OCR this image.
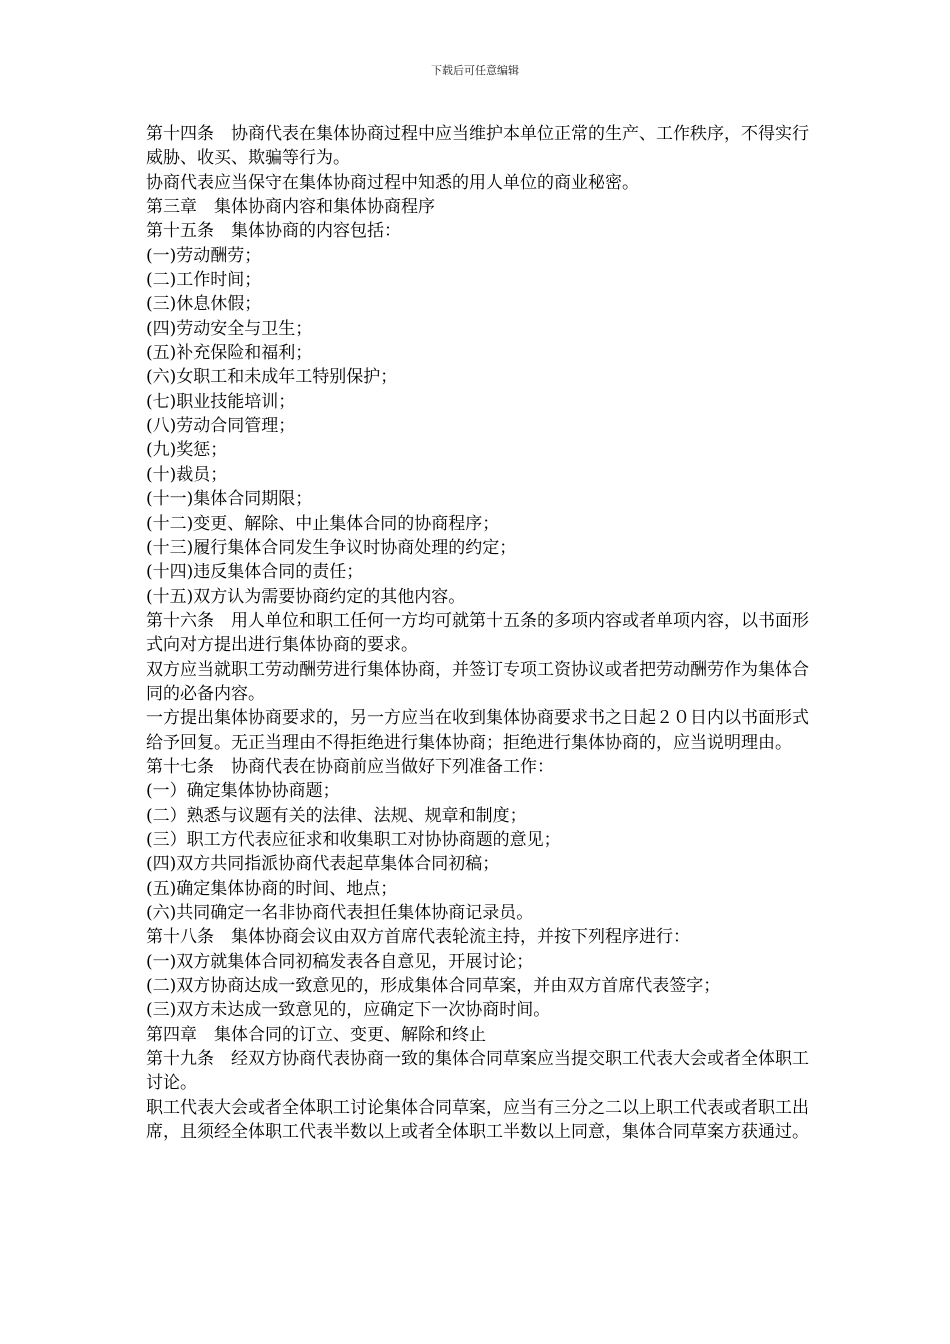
下载后可任意编辑

第十四条　协商代表在集体协商过程中应当维护本单位正常的生产、工作秩序，不得实行威胁、收买、欺骗等行为。

协商代表应当保守在集体协商过程中知悉的用人单位的商业秘密。

第三章　集体协商内容和集体协商程序

第十五条　集体协商的内容包括：

(一)劳动酬劳；

(二)工作时间；

(三)休息休假；

(四)劳动安全与卫生；

(五)补充保险和福利；

(六)女职工和未成年工特别保护；

(七)职业技能培训；

(八)劳动合同管理；

(九)奖惩；

(十)裁员；

(十一)集体合同期限；

(十二)变更、解除、中止集体合同的协商程序；

(十三)履行集体合同发生争议时协商处理的约定；

(十四)违反集体合同的责任；

(十五)双方认为需要协商约定的其他内容。

第十六条　用人单位和职工任何一方均可就第十五条的多项内容或者单项内容，以书面形式向对方提出进行集体协商的要求。

双方应当就职工劳动酬劳进行集体协商，并签订专项工资协议或者把劳动酬劳作为集体合同的必备内容。

一方提出集体协商要求的，另一方应当在收到集体协商要求书之日起２０日内以书面形式给予回复。无正当理由不得拒绝进行集体协商；拒绝进行集体协商的，应当说明理由。

第十七条　协商代表在协商前应当做好下列准备工作：

(一）确定集体协协商题；

(二）熟悉与议题有关的法律、法规、规章和制度；

(三）职工方代表应征求和收集职工对协协商题的意见；

(四)双方共同指派协商代表起草集体合同初稿；

(五)确定集体协商的时间、地点；

(六)共同确定一名非协商代表担任集体协商记录员。

第十八条　集体协商会议由双方首席代表轮流主持，并按下列程序进行：

(一)双方就集体合同初稿发表各自意见，开展讨论；

(二)双方协商达成一致意见的，形成集体合同草案，并由双方首席代表签字；

(三)双方未达成一致意见的，应确定下一次协商时间。

第四章　集体合同的订立、变更、解除和终止

第十九条　经双方协商代表协商一致的集体合同草案应当提交职工代表大会或者全体职工讨论。

职工代表大会或者全体职工讨论集体合同草案，应当有三分之二以上职工代表或者职工出席，且须经全体职工代表半数以上或者全体职工半数以上同意，集体合同草案方获通过。
